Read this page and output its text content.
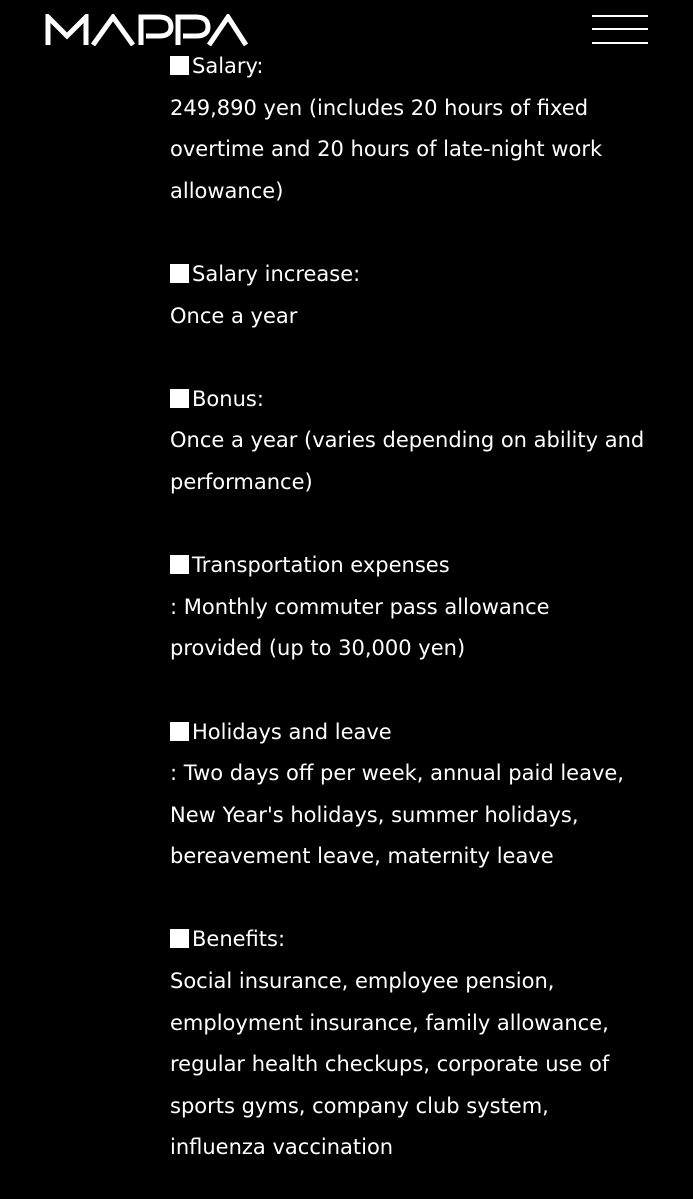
Salary:
249,890 yen (includes 20 hours of fixed
overtime and 20 hours of late-night work
allowance)
Salary increase:
Once a year
Bonus:
Once a year (varies depending on ability and
performance)
Transportation expenses
: Monthly commuter pass allowance
provided (up to 30,000 yen)
Holidays and leave
: Two days off per week, annual paid leave,
New Year's holidays, summer holidays,
bereavement leave, maternity leave
Benefits:
Social insurance, employee pension,
employment insurance, family allowance,
regular health checkups, corporate use of
sports gyms, company club system,
influenza vaccination
